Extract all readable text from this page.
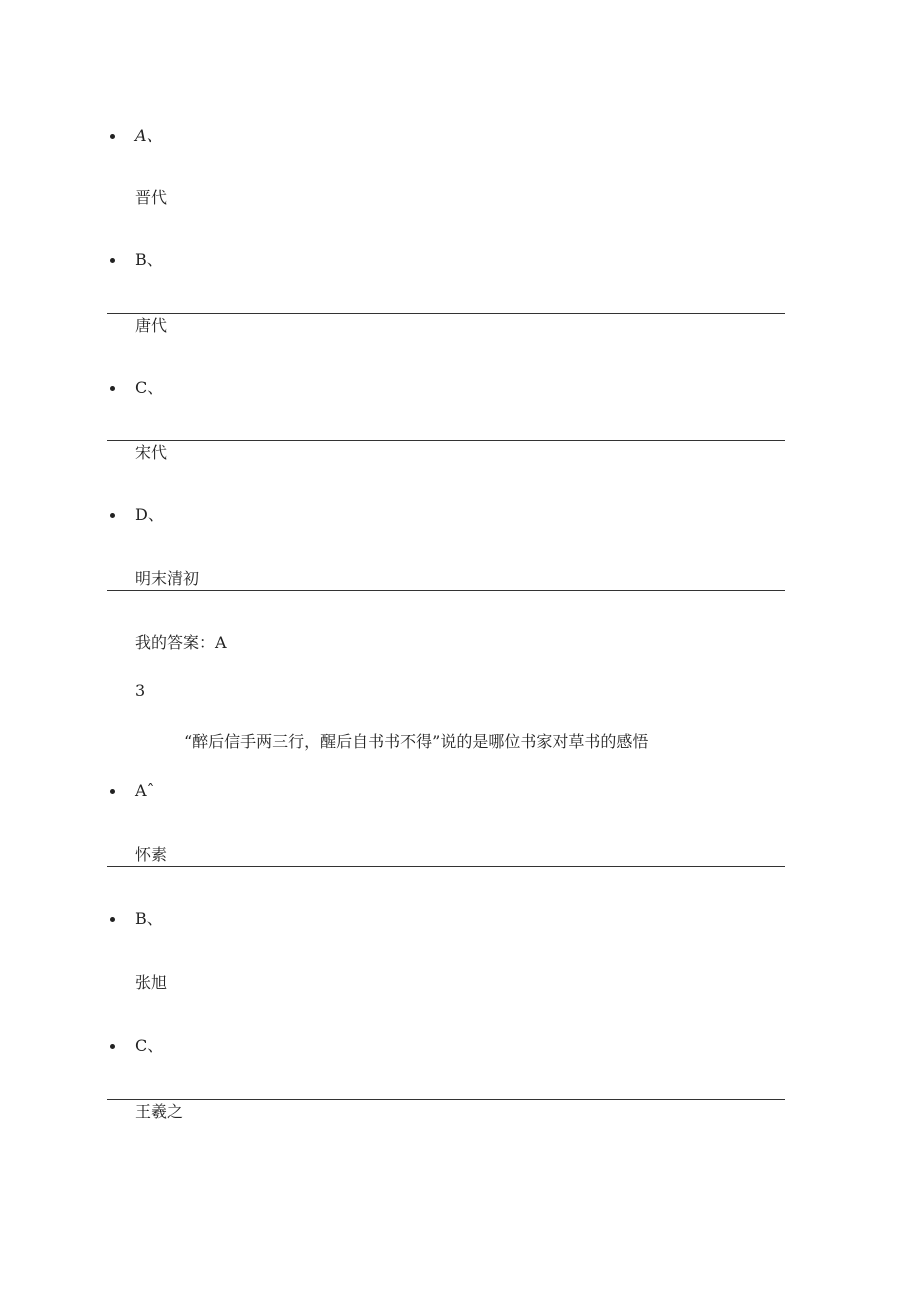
A、
晋代
B、
唐代
C、
宋代
D、
明末清初
我的答案：A
3
“醉后信手两三行，醒后自书书不得”说的是哪位书家对草书的感悟
Aˆ
怀素
B、
张旭
C、
王羲之
